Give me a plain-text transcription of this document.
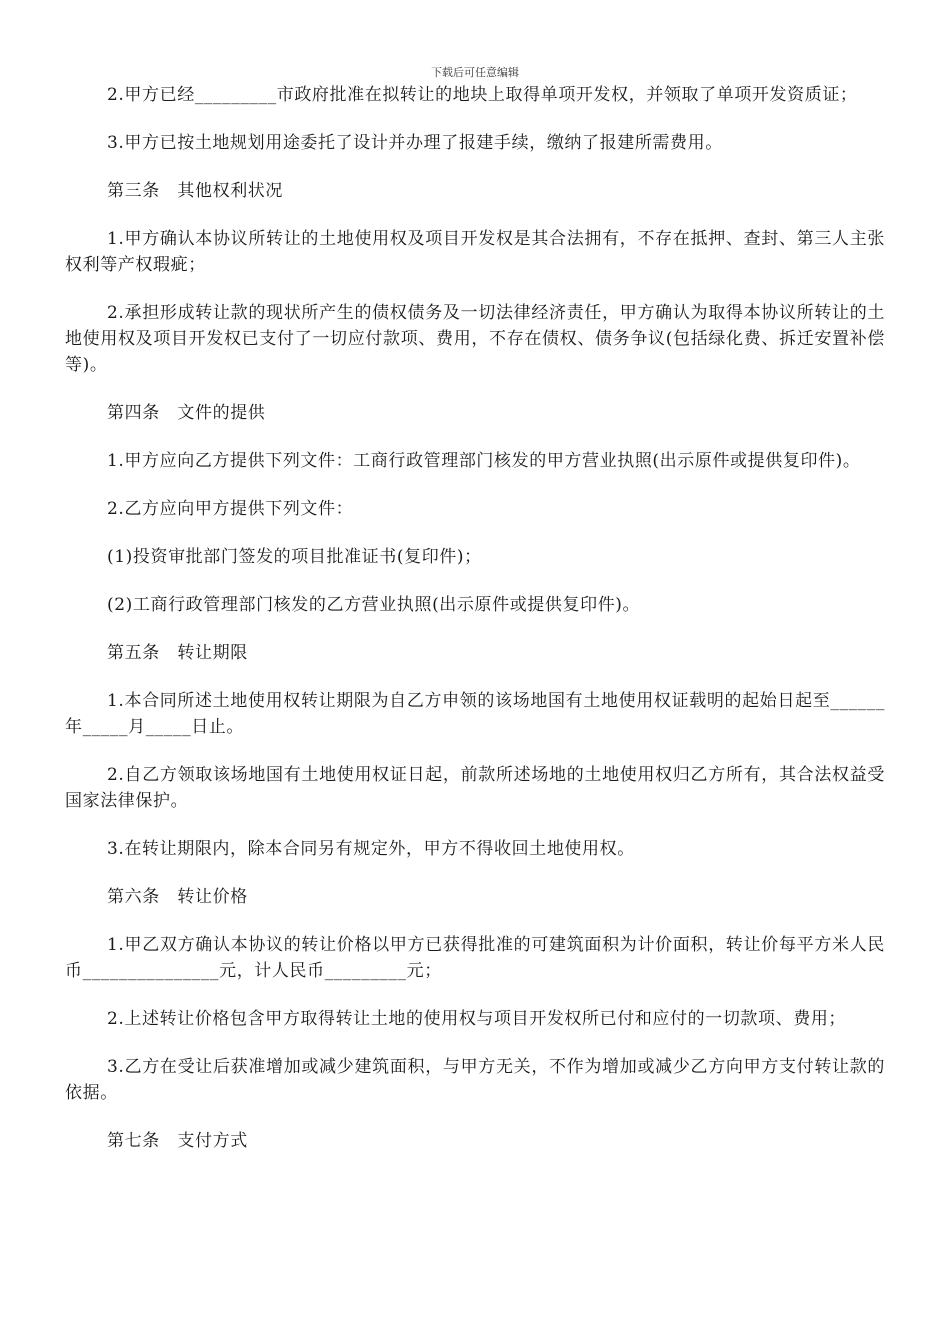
下载后可任意编辑
2.甲方已经_________市政府批准在拟转让的地块上取得单项开发权，并领取了单项开发资质证；
3.甲方已按土地规划用途委托了设计并办理了报建手续，缴纳了报建所需费用。
第三条　其他权利状况
1.甲方确认本协议所转让的土地使用权及项目开发权是其合法拥有，不存在抵押、查封、第三人主张权利等产权瑕疵；
2.承担形成转让款的现状所产生的债权债务及一切法律经济责任，甲方确认为取得本协议所转让的土地使用权及项目开发权已支付了一切应付款项、费用，不存在债权、债务争议(包括绿化费、拆迁安置补偿等)。
第四条　文件的提供
1.甲方应向乙方提供下列文件：工商行政管理部门核发的甲方营业执照(出示原件或提供复印件)。
2.乙方应向甲方提供下列文件：
(1)投资审批部门签发的项目批准证书(复印件)；
(2)工商行政管理部门核发的乙方营业执照(出示原件或提供复印件)。
第五条　转让期限
1.本合同所述土地使用权转让期限为自乙方申领的该场地国有土地使用权证载明的起始日起至______年_____月_____日止。
2.自乙方领取该场地国有土地使用权证日起，前款所述场地的土地使用权归乙方所有，其合法权益受国家法律保护。
3.在转让期限内，除本合同另有规定外，甲方不得收回土地使用权。
第六条　转让价格
1.甲乙双方确认本协议的转让价格以甲方已获得批准的可建筑面积为计价面积，转让价每平方米人民币_______________元，计人民币_________元；
2.上述转让价格包含甲方取得转让土地的使用权与项目开发权所已付和应付的一切款项、费用；
3.乙方在受让后获准增加或减少建筑面积，与甲方无关，不作为增加或减少乙方向甲方支付转让款的依据。
第七条　支付方式
